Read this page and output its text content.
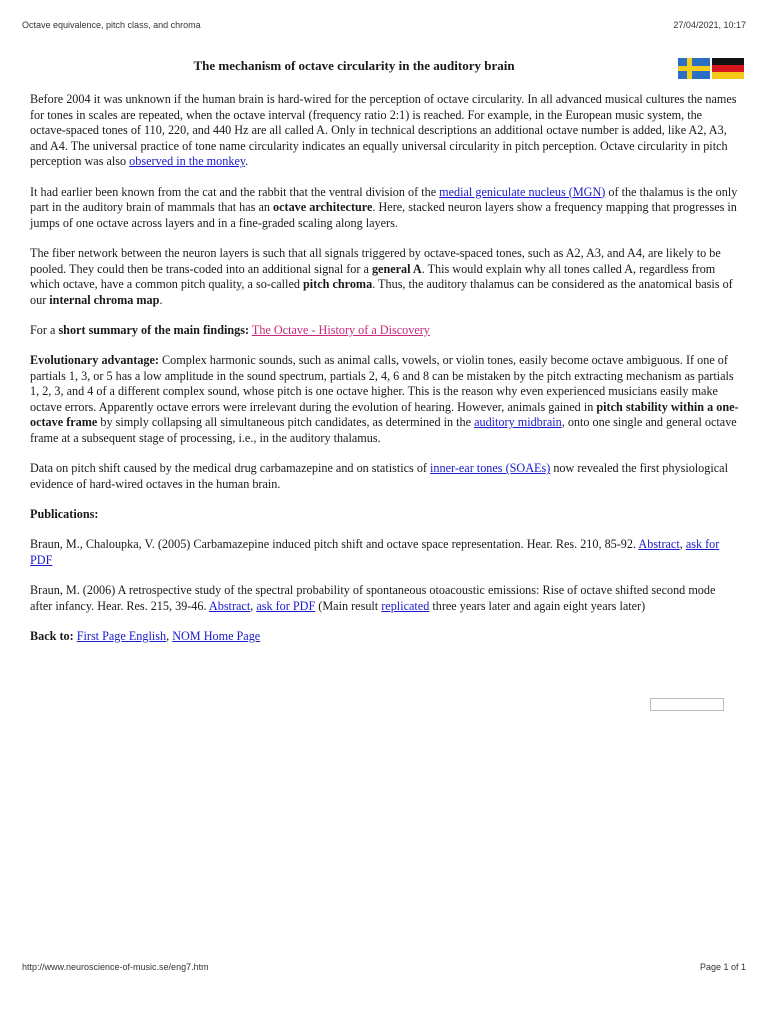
Octave equivalence, pitch class, and chroma	27/04/2021, 10:17
The mechanism of octave circularity in the auditory brain

Before 2004 it was unknown if the human brain is hard-wired for the perception of octave circularity. In all advanced musical cultures the names for tones in scales are repeated, when the octave interval (frequency ratio 2:1) is reached. For example, in the European music system, the octave-spaced tones of 110, 220, and 440 Hz are all called A. Only in technical descriptions an additional octave number is added, like A2, A3, and A4. The universal practice of tone name circularity indicates an equally universal circularity in pitch perception. Octave circularity in pitch perception was also observed in the monkey.

It had earlier been known from the cat and the rabbit that the ventral division of the medial geniculate nucleus (MGN) of the thalamus is the only part in the auditory brain of mammals that has an octave architecture. Here, stacked neuron layers show a frequency mapping that progresses in jumps of one octave across layers and in a fine-graded scaling along layers.

The fiber network between the neuron layers is such that all signals triggered by octave-spaced tones, such as A2, A3, and A4, are likely to be pooled. They could then be trans-coded into an additional signal for a general A. This would explain why all tones called A, regardless from which octave, have a common pitch quality, a so-called pitch chroma. Thus, the auditory thalamus can be considered as the anatomical basis of our internal chroma map.

For a short summary of the main findings: The Octave - History of a Discovery

Evolutionary advantage: Complex harmonic sounds, such as animal calls, vowels, or violin tones, easily become octave ambiguous. If one of partials 1, 3, or 5 has a low amplitude in the sound spectrum, partials 2, 4, 6 and 8 can be mistaken by the pitch extracting mechanism as partials 1, 2, 3, and 4 of a different complex sound, whose pitch is one octave higher. This is the reason why even experienced musicians easily make octave errors. Apparently octave errors were irrelevant during the evolution of hearing. However, animals gained in pitch stability within a one-octave frame by simply collapsing all simultaneous pitch candidates, as determined in the auditory midbrain, onto one single and general octave frame at a subsequent stage of processing, i.e., in the auditory thalamus.

Data on pitch shift caused by the medical drug carbamazepine and on statistics of inner-ear tones (SOAEs) now revealed the first physiological evidence of hard-wired octaves in the human brain.

Publications:

Braun, M., Chaloupka, V. (2005) Carbamazepine induced pitch shift and octave space representation. Hear. Res. 210, 85-92. Abstract, ask for PDF

Braun, M. (2006) A retrospective study of the spectral probability of spontaneous otoacoustic emissions: Rise of octave shifted second mode after infancy. Hear. Res. 215, 39-46. Abstract, ask for PDF (Main result replicated three years later and again eight years later)

Back to: First Page English, NOM Home Page

http://www.neuroscience-of-music.se/eng7.htm	Page 1 of 1
